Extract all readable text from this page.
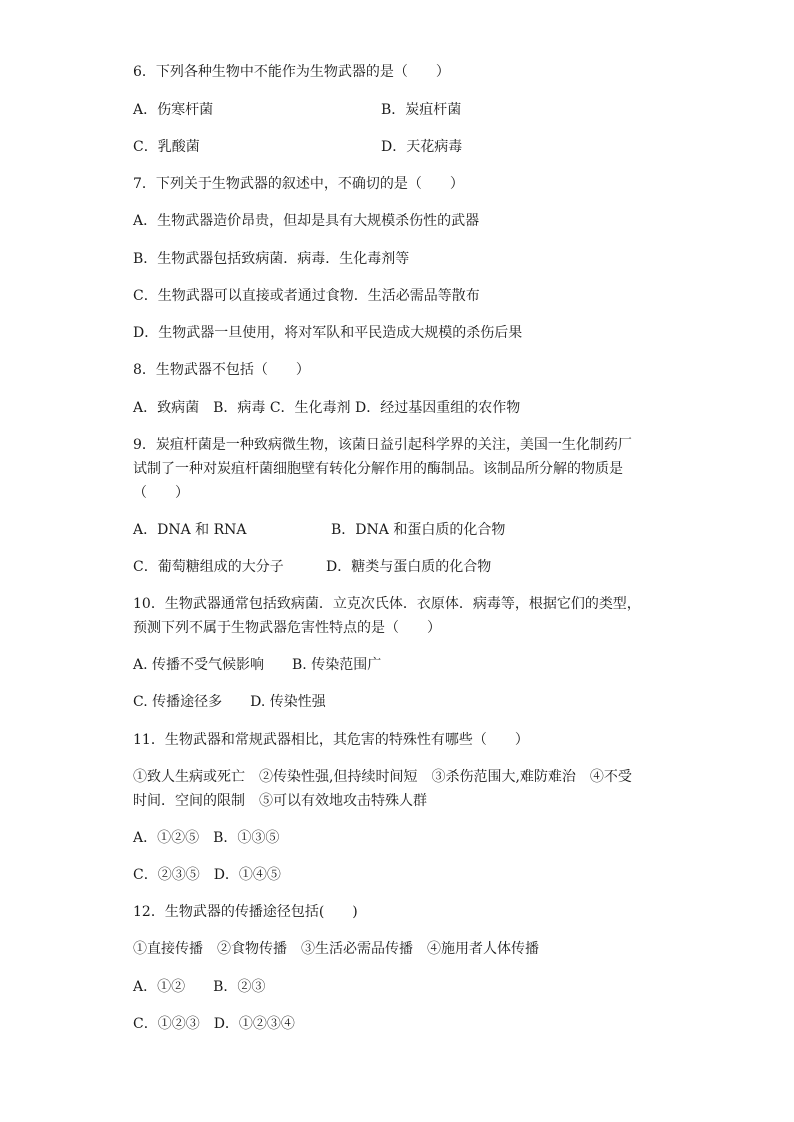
6．下列各种生物中不能作为生物武器的是（　　）
A．伤寒杆菌	B．炭疽杆菌
C．乳酸菌	D．天花病毒
7．下列关于生物武器的叙述中，不确切的是（　　）
A．生物武器造价昂贵，但却是具有大规模杀伤性的武器
B．生物武器包括致病菌．病毒．生化毒剂等
C．生物武器可以直接或者通过食物．生活必需品等散布
D．生物武器一旦使用，将对军队和平民造成大规模的杀伤后果
8．生物武器不包括（　　）
A．致病菌　B．病毒 C．生化毒剂 D．经过基因重组的农作物
9．炭疽杆菌是一种致病微生物，该菌日益引起科学界的关注，美国一生化制药厂
试制了一种对炭疽杆菌细胞壁有转化分解作用的酶制品。该制品所分解的物质是
（　　）
A．DNA 和 RNA	B．DNA 和蛋白质的化合物
C．葡萄糖组成的大分子	D．糖类与蛋白质的化合物
10．生物武器通常包括致病菌．立克次氏体．衣原体．病毒等，根据它们的类型，
预测下列不属于生物武器危害性特点的是（　　）
A. 传播不受气候影响　　B. 传染范围广
C. 传播途径多　　D. 传染性强
11．生物武器和常规武器相比，其危害的特殊性有哪些（　　）
①致人生病或死亡　②传染性强,但持续时间短　③杀伤范围大,难防难治　④不受
时间．空间的限制　⑤可以有效地攻击特殊人群
A．①②⑤　B．①③⑤
C．②③⑤　D．①④⑤
12．生物武器的传播途径包括(　　)
①直接传播　②食物传播　③生活必需品传播　④施用者人体传播
A．①②　　B．②③
C．①②③　D．①②③④
